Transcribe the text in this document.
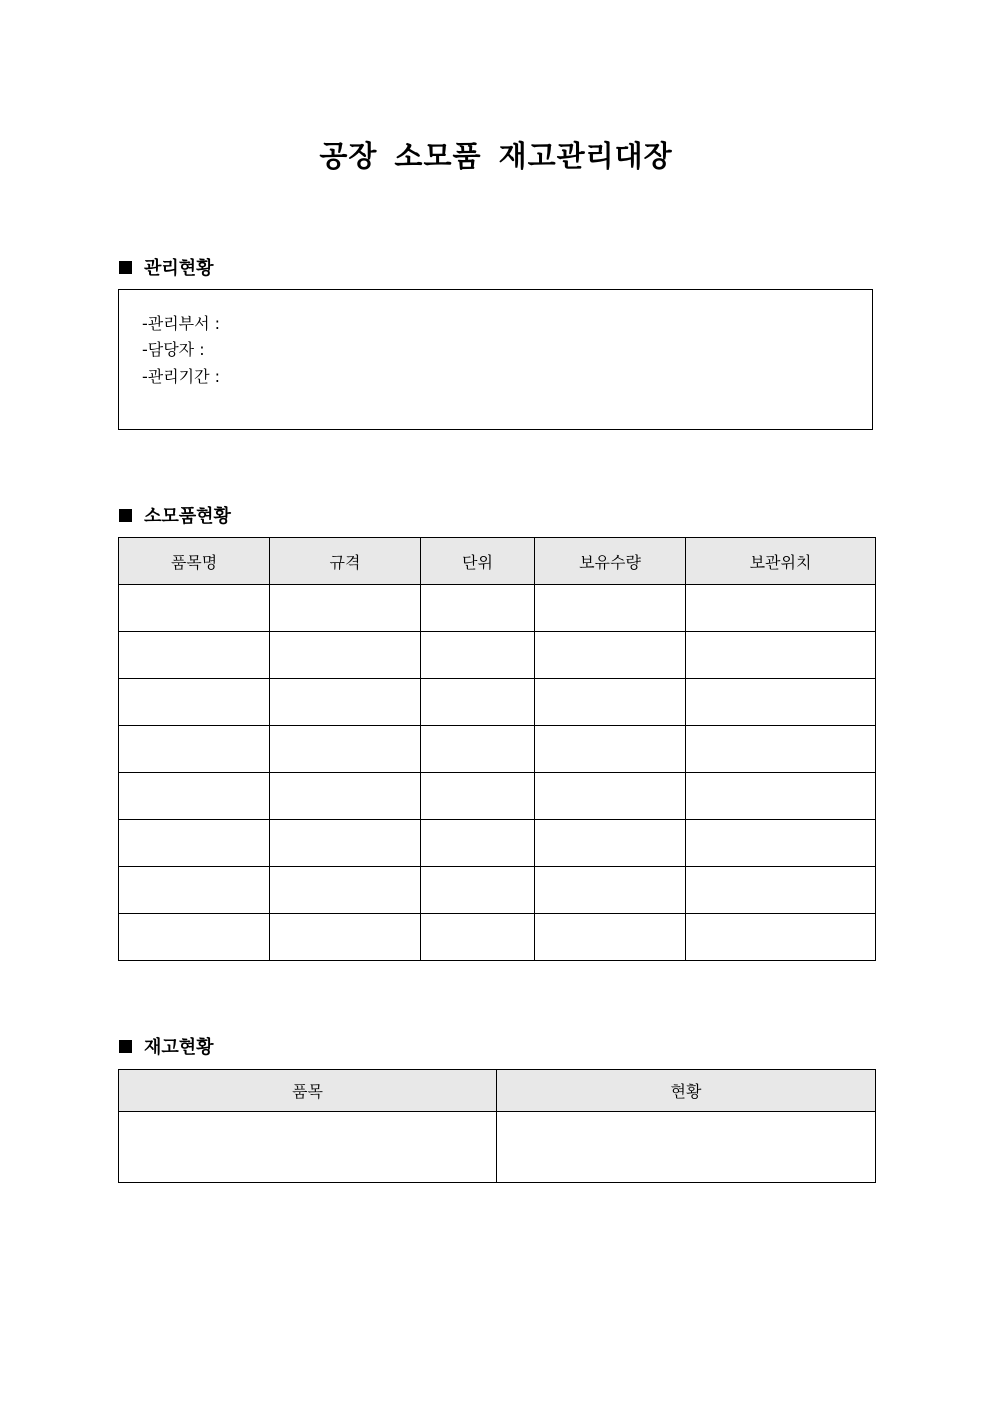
공장 소모품 재고관리대장
관리현황
-관리부서 :
-담당자 :
-관리기간 :
소모품현황
품목명	규격	단위	보유수량	보관위치

재고현황
품목	현황
